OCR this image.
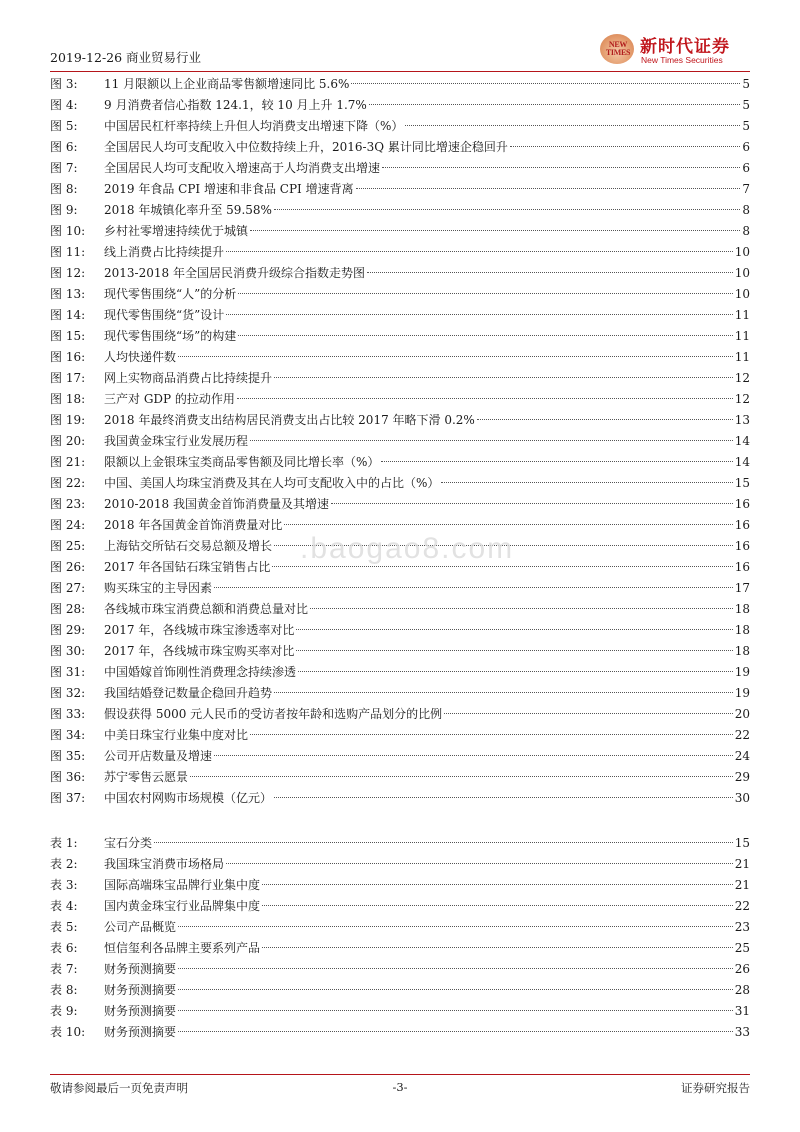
2019-12-26 商业贸易行业
NEW TIMES 新时代证券
New Times Securities
图 3:	11 月限额以上企业商品零售额增速同比 5.6%	5
图 4:	9 月消费者信心指数 124.1，较 10 月上升 1.7%	5
图 5:	中国居民杠杆率持续上升但人均消费支出增速下降（%）	5
图 6:	全国居民人均可支配收入中位数持续上升，2016-3Q 累计同比增速企稳回升	6
图 7:	全国居民人均可支配收入增速高于人均消费支出增速	6
图 8:	2019 年食品 CPI 增速和非食品 CPI 增速背离	7
图 9:	2018 年城镇化率升至 59.58%	8
图 10:	乡村社零增速持续优于城镇	8
图 11:	线上消费占比持续提升	10
图 12:	2013-2018 年全国居民消费升级综合指数走势图	10
图 13:	现代零售围绕“人”的分析	10
图 14:	现代零售围绕“货”设计	11
图 15:	现代零售围绕“场”的构建	11
图 16:	人均快递件数	11
图 17:	网上实物商品消费占比持续提升	12
图 18:	三产对 GDP 的拉动作用	12
图 19:	2018 年最终消费支出结构居民消费支出占比较 2017 年略下滑 0.2%	13
图 20:	我国黄金珠宝行业发展历程	14
图 21:	限额以上金银珠宝类商品零售额及同比增长率（%）	14
图 22:	中国、美国人均珠宝消费及其在人均可支配收入中的占比（%）	15
图 23:	2010-2018 我国黄金首饰消费量及其增速	16
图 24:	2018 年各国黄金首饰消费量对比	16
图 25:	上海钻交所钻石交易总额及增长	16
图 26:	2017 年各国钻石珠宝销售占比	16
图 27:	购买珠宝的主导因素	17
图 28:	各线城市珠宝消费总额和消费总量对比	18
图 29:	2017 年，各线城市珠宝渗透率对比	18
图 30:	2017 年，各线城市珠宝购买率对比	18
图 31:	中国婚嫁首饰刚性消费理念持续渗透	19
图 32:	我国结婚登记数量企稳回升趋势	19
图 33:	假设获得 5000 元人民币的受访者按年龄和选购产品划分的比例	20
图 34:	中美日珠宝行业集中度对比	22
图 35:	公司开店数量及增速	24
图 36:	苏宁零售云愿景	29
图 37:	中国农村网购市场规模（亿元）	30
表 1:	宝石分类	15
表 2:	我国珠宝消费市场格局	21
表 3:	国际高端珠宝品牌行业集中度	21
表 4:	国内黄金珠宝行业品牌集中度	22
表 5:	公司产品概览	23
表 6:	恒信玺利各品牌主要系列产品	25
表 7:	财务预测摘要	26
表 8:	财务预测摘要	28
表 9:	财务预测摘要	31
表 10:	财务预测摘要	33
.baogao8.com
敬请参阅最后一页免责声明	-3-	证券研究报告
